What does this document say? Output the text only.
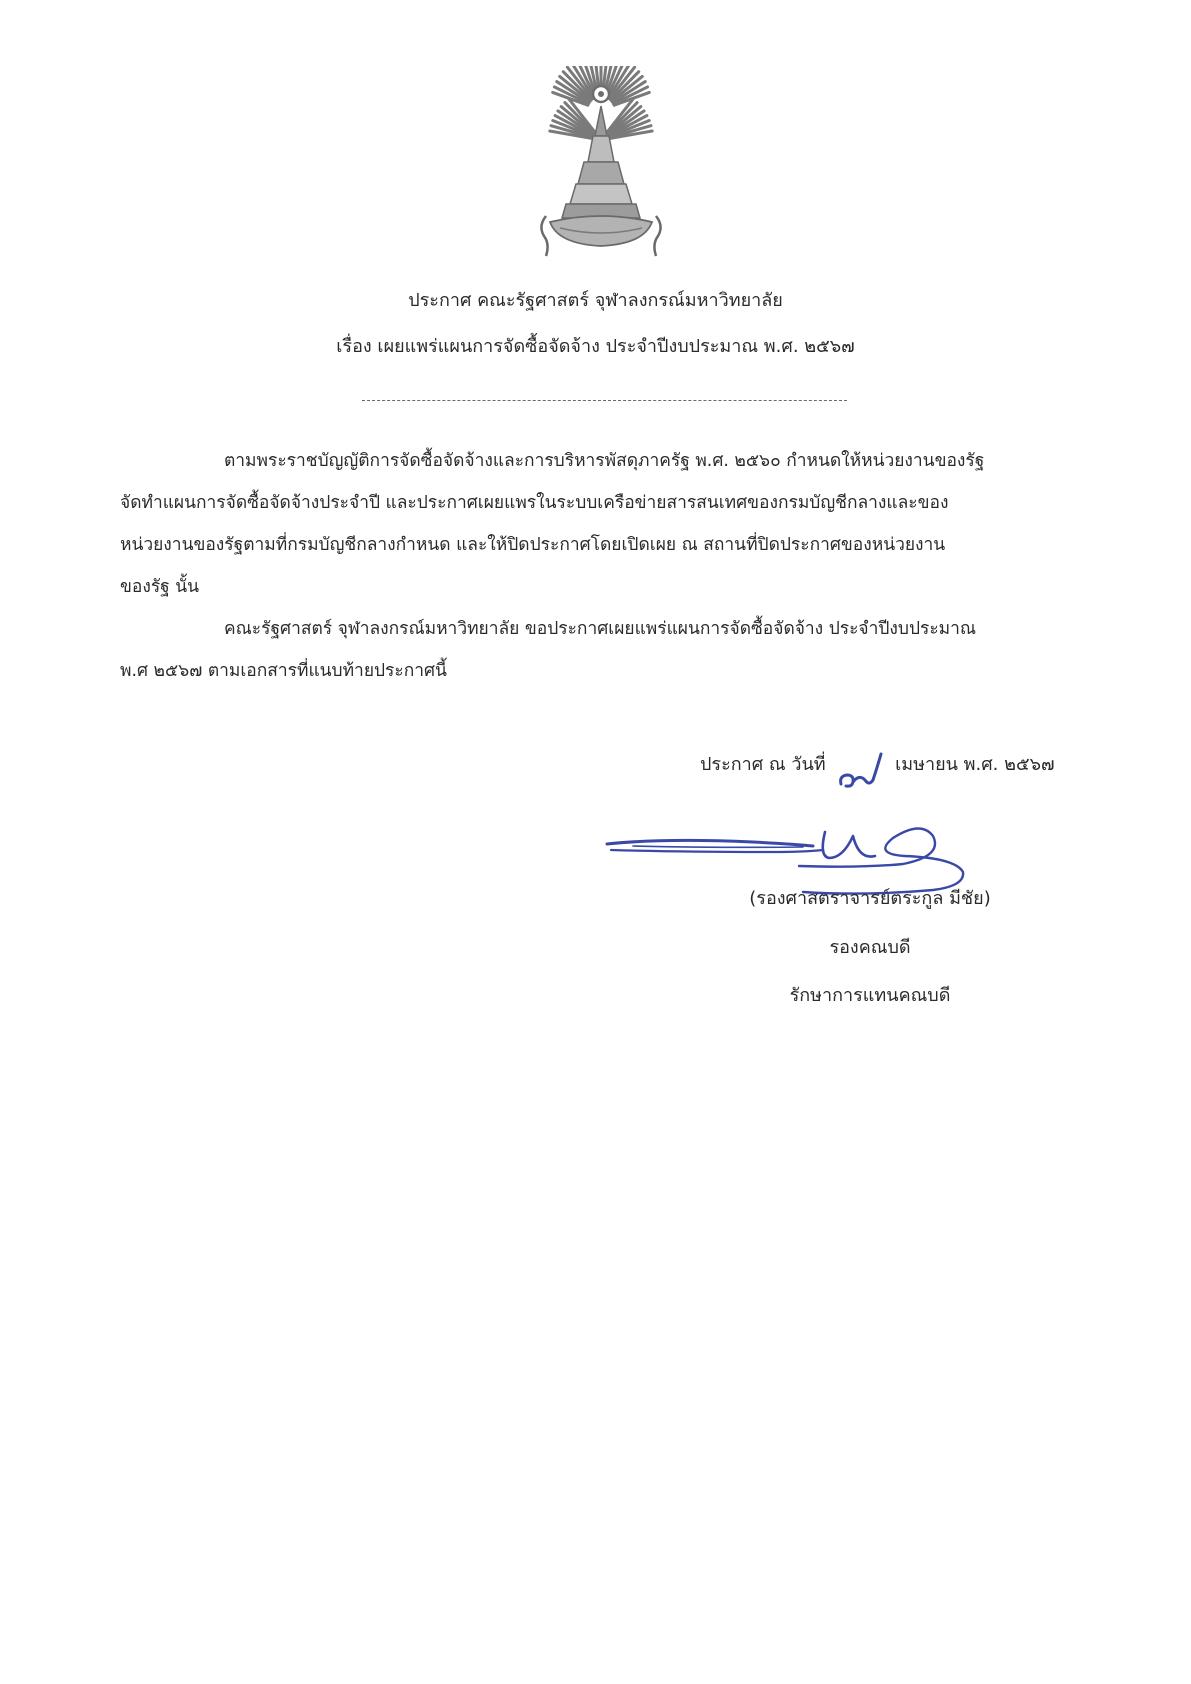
ประกาศ คณะรัฐศาสตร์ จุฬาลงกรณ์มหาวิทยาลัย
เรื่อง เผยแพร่แผนการจัดซื้อจัดจ้าง ประจำปีงบประมาณ พ.ศ. ๒๕๖๗
ตามพระราชบัญญัติการจัดซื้อจัดจ้างและการบริหารพัสดุภาครัฐ พ.ศ. ๒๕๖๐ กำหนดให้หน่วยงานของรัฐ
จัดทำแผนการจัดซื้อจัดจ้างประจำปี และประกาศเผยแพรในระบบเครือข่ายสารสนเทศของกรมบัญชีกลางและของ
หน่วยงานของรัฐตามที่กรมบัญชีกลางกำหนด และให้ปิดประกาศโดยเปิดเผย ณ สถานที่ปิดประกาศของหน่วยงาน
ของรัฐ นั้น
คณะรัฐศาสตร์ จุฬาลงกรณ์มหาวิทยาลัย ขอประกาศเผยแพร่แผนการจัดซื้อจัดจ้าง ประจำปีงบประมาณ
พ.ศ ๒๕๖๗ ตามเอกสารที่แนบท้ายประกาศนี้
ประกาศ ณ วันที่	เมษายน พ.ศ. ๒๕๖๗
(รองศาสตราจารย์ตระกูล มีชัย)
รองคณบดี
รักษาการแทนคณบดี
